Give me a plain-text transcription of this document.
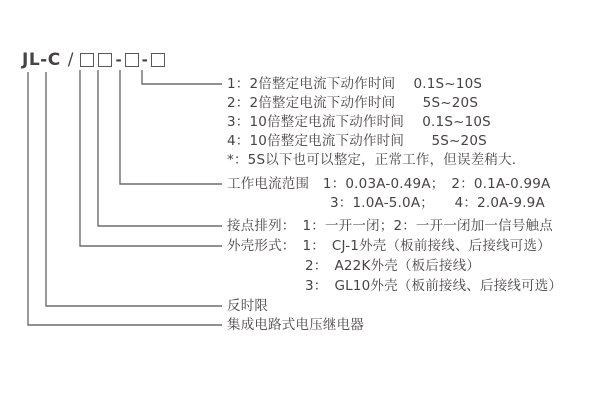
JL-C /	- -
1：2倍整定电流下动作时间　 0.1S~10S
2：2倍整定电流下动作时间　　5S~20S
3：10倍整定电流下动作时间　 0.1S~10S
4：10倍整定电流下动作时间　　5S~20S
*：5S以下也可以整定，正常工作，但误差稍大.
工作电流范围　1：0.03A-0.49A；　2：0.1A-0.99A
3：1.0A-5.0A；　　4：2.0A-9.9A
接点排列：　1：一开一闭；2：一开一闭加一信号触点
外壳形式：　1：　CJ-1外壳（板前接线、后接线可选）
2：　A22K外壳（板后接线）
3：　GL10外壳（板前接线、后接线可选）
反时限
集成电路式电压继电器
